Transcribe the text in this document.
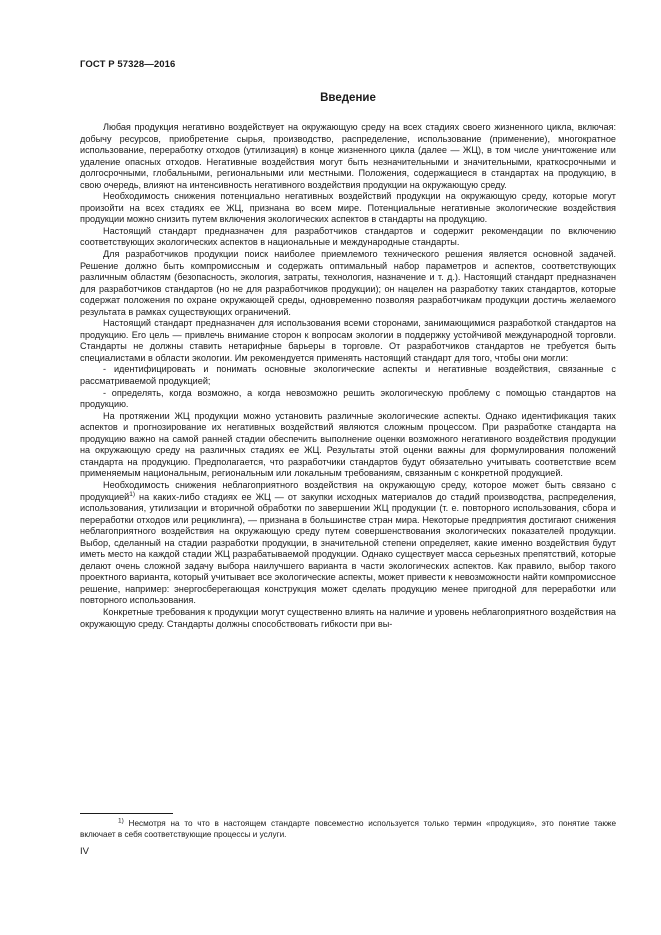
ГОСТ Р 57328—2016
Введение

Любая продукция негативно воздействует на окружающую среду на всех стадиях своего жизненного цикла, включая: добычу ресурсов, приобретение сырья, производство, распределение, использование (применение), многократное использование, переработку отходов (утилизация) в конце жизненного цикла (далее — ЖЦ), в том числе уничтожение или удаление опасных отходов. Негативные воздействия могут быть незначительными и значительными, краткосрочными и долгосрочными, глобальными, региональными или местными. Положения, содержащиеся в стандартах на продукцию, в свою очередь, влияют на интенсивность негативного воздействия продукции на окружающую среду.

Необходимость снижения потенциально негативных воздействий продукции на окружающую среду, которые могут произойти на всех стадиях ее ЖЦ, признана во всем мире. Потенциальные негативные экологические воздействия продукции можно снизить путем включения экологических аспектов в стандарты на продукцию.

Настоящий стандарт предназначен для разработчиков стандартов и содержит рекомендации по включению соответствующих экологических аспектов в национальные и международные стандарты.

Для разработчиков продукции поиск наиболее приемлемого технического решения является основной задачей. Решение должно быть компромиссным и содержать оптимальный набор параметров и аспектов, соответствующих различным областям (безопасность, экология, затраты, технология, назначение и т. д.). Настоящий стандарт предназначен для разработчиков стандартов (но не для разработчиков продукции); он нацелен на разработку таких стандартов, которые содержат положения по охране окружающей среды, одновременно позволяя разработчикам продукции достичь желаемого результата в рамках существующих ограничений.

Настоящий стандарт предназначен для использования всеми сторонами, занимающимися разработкой стандартов на продукцию. Его цель — привлечь внимание сторон к вопросам экологии в поддержку устойчивой международной торговли. Стандарты не должны ставить нетарифные барьеры в торговле. От разработчиков стандартов не требуется быть специалистами в области экологии. Им рекомендуется применять настоящий стандарт для того, чтобы они могли:

- идентифицировать и понимать основные экологические аспекты и негативные воздействия, связанные с рассматриваемой продукцией;

- определять, когда возможно, а когда невозможно решить экологическую проблему с помощью стандартов на продукцию.

На протяжении ЖЦ продукции можно установить различные экологические аспекты. Однако идентификация таких аспектов и прогнозирование их негативных воздействий являются сложным процессом. При разработке стандарта на продукцию важно на самой ранней стадии обеспечить выполнение оценки возможного негативного воздействия продукции на окружающую среду на различных стадиях ее ЖЦ. Результаты этой оценки важны для формулирования положений стандарта на продукцию. Предполагается, что разработчики стандартов будут обязательно учитывать соответствие всем применяемым национальным, региональным или локальным требованиям, связанным с конкретной продукцией.

Необходимость снижения неблагоприятного воздействия на окружающую среду, которое может быть связано с продукцией$^{1)}$ на каких-либо стадиях ее ЖЦ — от закупки исходных материалов до стадий производства, распределения, использования, утилизации и вторичной обработки по завершении ЖЦ продукции (т. е. повторного использования, сбора и переработки отходов или рециклинга), — признана в большинстве стран мира. Некоторые предприятия достигают снижения неблагоприятного воздействия на окружающую среду путем совершенствования экологических показателей продукции. Выбор, сделанный на стадии разработки продукции, в значительной степени определяет, какие именно воздействия будут иметь место на каждой стадии ЖЦ разрабатываемой продукции. Однако существует масса серьезных препятствий, которые делают очень сложной задачу выбора наилучшего варианта в части экологических аспектов. Как правило, выбор такого проектного варианта, который учитывает все экологические аспекты, может привести к невозможности найти компромиссное решение, например: энергосберегающая конструкция может сделать продукцию менее пригодной для переработки или повторного использования.

Конкретные требования к продукции могут существенно влиять на наличие и уровень неблагоприятного воздействия на окружающую среду. Стандарты должны способствовать гибкости при вы-

$^{1)}$ Несмотря на то что в настоящем стандарте повсеместно используется только термин «продукция», это понятие также включает в себя соответствующие процессы и услуги.

IV
